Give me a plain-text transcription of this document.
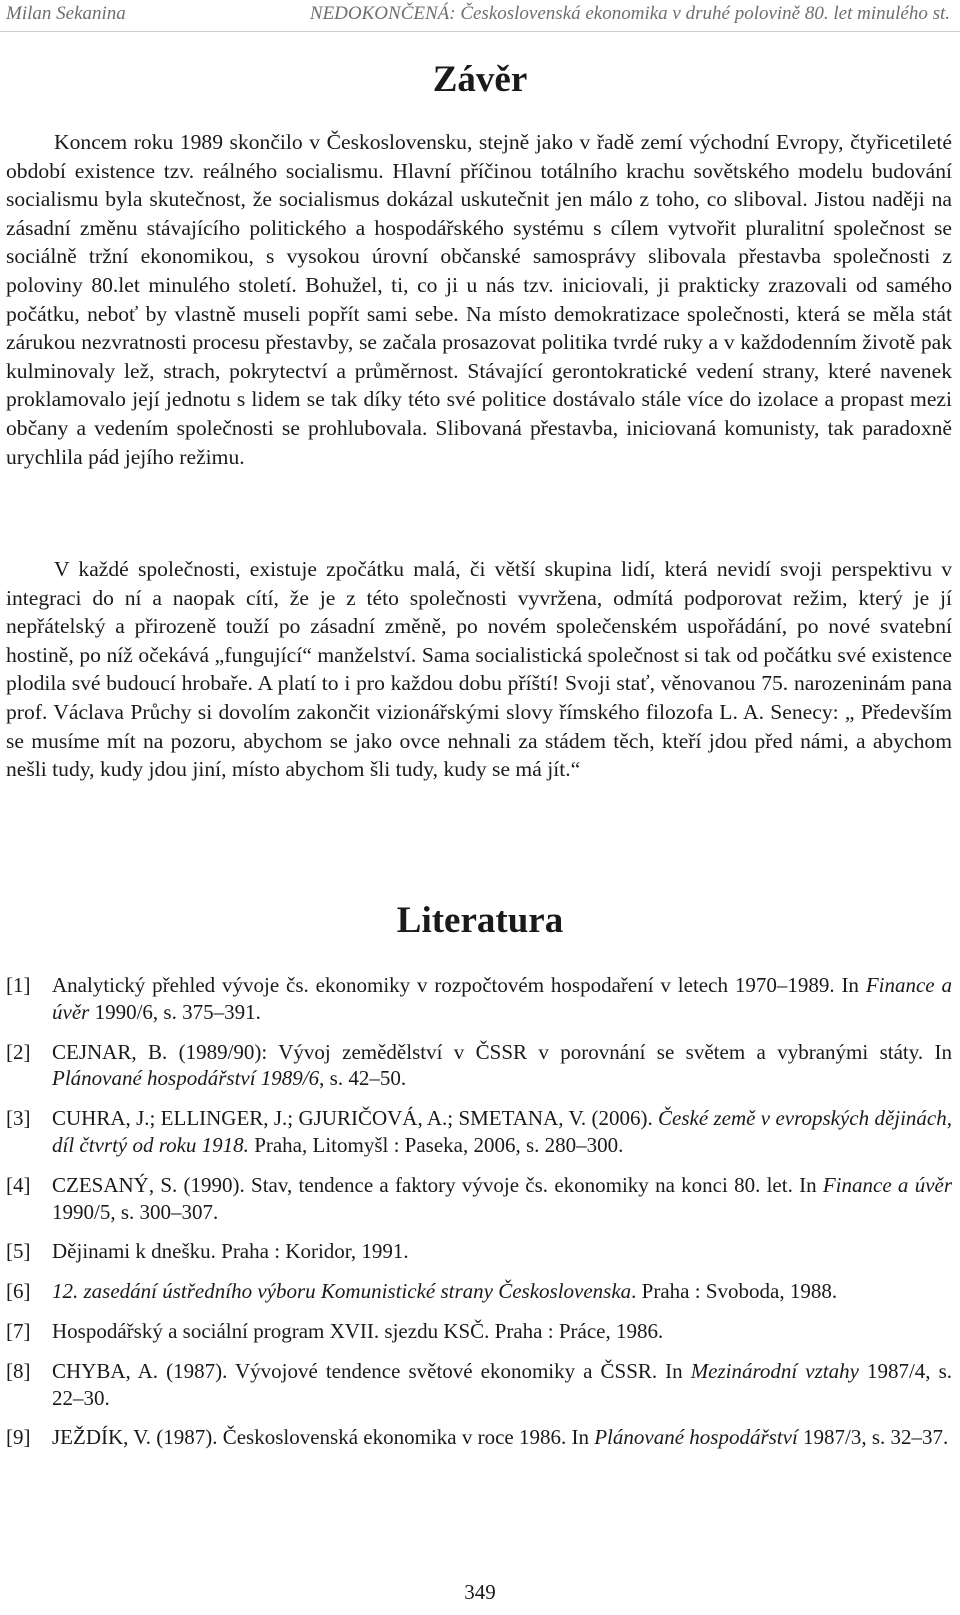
Milan Sekanina	NEDOKONČENÁ: Československá ekonomika v druhé polovině 80. let minulého st.
Závěr

Koncem roku 1989 skončilo v Československu, stejně jako v řadě zemí východní Evropy, čtyřicetileté období existence tzv. reálného socialismu. Hlavní příčinou totálního krachu sovětského modelu budování socialismu byla skutečnost, že socialismus dokázal uskutečnit jen málo z toho, co sliboval. Jistou naději na zásadní změnu stávajícího politického a hospodářského systému s cílem vytvořit pluralitní společnost se sociálně tržní ekonomikou, s vysokou úrovní občanské samosprávy slibovala přestavba společnosti z poloviny 80.let minulého století. Bohužel, ti, co ji u nás tzv. iniciovali, ji prakticky zrazovali od samého počátku, neboť by vlastně museli popřít sami sebe. Na místo demokratizace společnosti, která se měla stát zárukou nezvratnosti procesu přestavby, se začala prosazovat politika tvrdé ruky a v každodenním životě pak kulminovaly lež, strach, pokrytectví a průměrnost. Stávající gerontokratické vedení strany, které navenek proklamovalo její jednotu s lidem se tak díky této své politice dostávalo stále více do izolace a propast mezi občany a vedením společnosti se prohlubovala. Slibovaná přestavba, iniciovaná komunisty, tak paradoxně urychlila pád jejího režimu.

V každé společnosti, existuje zpočátku malá, či větší skupina lidí, která nevidí svoji perspektivu v integraci do ní a naopak cítí, že je z této společnosti vyvržena, odmítá podporovat režim, který je jí nepřátelský a přirozeně touží po zásadní změně, po novém společenském uspořádání, po nové svatební hostině, po níž očekává „fungující“ manželství. Sama socialistická společnost si tak od počátku své existence plodila své budoucí hrobaře. A platí to i pro každou dobu příští! Svoji stať, věnovanou 75. narozeninám pana prof. Václava Průchy si dovolím zakončit vizionářskými slovy římského filozofa L. A. Senecy: „ Především se musíme mít na pozoru, abychom se jako ovce nehnali za stádem těch, kteří jdou před námi, a abychom nešli tudy, kudy jdou jiní, místo abychom šli tudy, kudy se má jít.“

Literatura
[1]	Analytický přehled vývoje čs. ekonomiky v rozpočtovém hospodaření v letech 1970–1989. In Finance a úvěr 1990/6, s. 375–391.
[2]	CEJNAR, B. (1989/90): Vývoj zemědělství v ČSSR v porovnání se světem a vybranými státy. In Plánované hospodářství 1989/6, s. 42–50.
[3]	CUHRA, J.; ELLINGER, J.; GJURIČOVÁ, A.; SMETANA, V. (2006). České země v evropských dějinách, díl čtvrtý od roku 1918. Praha, Litomyšl : Paseka, 2006, s. 280–300.
[4]	CZESANÝ, S. (1990). Stav, tendence a faktory vývoje čs. ekonomiky na konci 80. let. In Finance a úvěr 1990/5, s. 300–307.
[5]	Dějinami k dnešku. Praha : Koridor, 1991.
[6]	12. zasedání ústředního výboru Komunistické strany Československa. Praha : Svoboda, 1988.
[7]	Hospodářský a sociální program XVII. sjezdu KSČ. Praha : Práce, 1986.
[8]	CHYBA, A. (1987). Vývojové tendence světové ekonomiky a ČSSR. In Mezinárodní vztahy 1987/4, s. 22–30.
[9]	JEŽDÍK, V. (1987). Československá ekonomika v roce 1986. In Plánované hospodářství 1987/3, s. 32–37.
349
